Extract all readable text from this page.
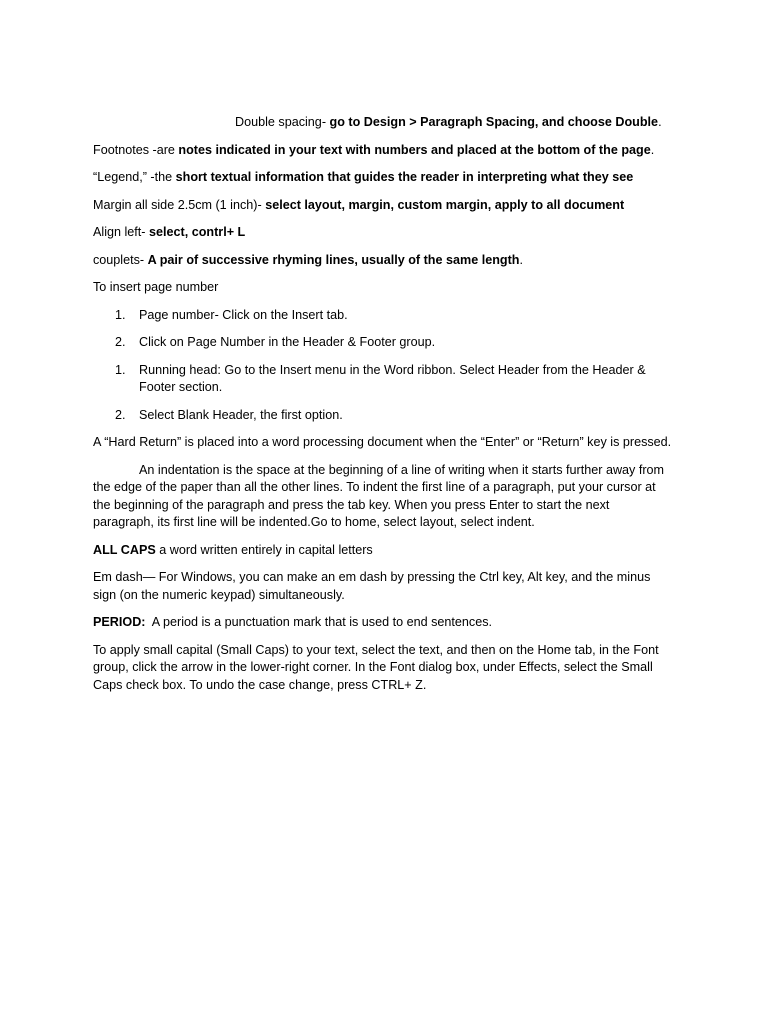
Double spacing- go to Design > Paragraph Spacing, and choose Double.

Footnotes -are notes indicated in your text with numbers and placed at the bottom of the page.

“Legend,” -the short textual information that guides the reader in interpreting what they see

Margin all side 2.5cm (1 inch)- select layout, margin, custom margin, apply to all document

Align left- select, contrl+ L

couplets- A pair of successive rhyming lines, usually of the same length.

To insert page number

1. Page number- Click on the Insert tab.
2. Click on Page Number in the Header & Footer group.
1. Running head: Go to the Insert menu in the Word ribbon. Select Header from the Header & Footer section.
2. Select Blank Header, the first option.

A “Hard Return” is placed into a word processing document when the “Enter” or “Return” key is pressed.

An indentation is the space at the beginning of a line of writing when it starts further away from the edge of the paper than all the other lines. To indent the first line of a paragraph, put your cursor at the beginning of the paragraph and press the tab key. When you press Enter to start the next paragraph, its first line will be indented.Go to home, select layout, select indent.

ALL CAPS a word written entirely in capital letters

Em dash— For Windows, you can make an em dash by pressing the Ctrl key, Alt key, and the minus sign (on the numeric keypad) simultaneously.

PERIOD:  A period is a punctuation mark that is used to end sentences.

To apply small capital (Small Caps) to your text, select the text, and then on the Home tab, in the Font group, click the arrow in the lower-right corner. In the Font dialog box, under Effects, select the Small Caps check box. To undo the case change, press CTRL+ Z.
